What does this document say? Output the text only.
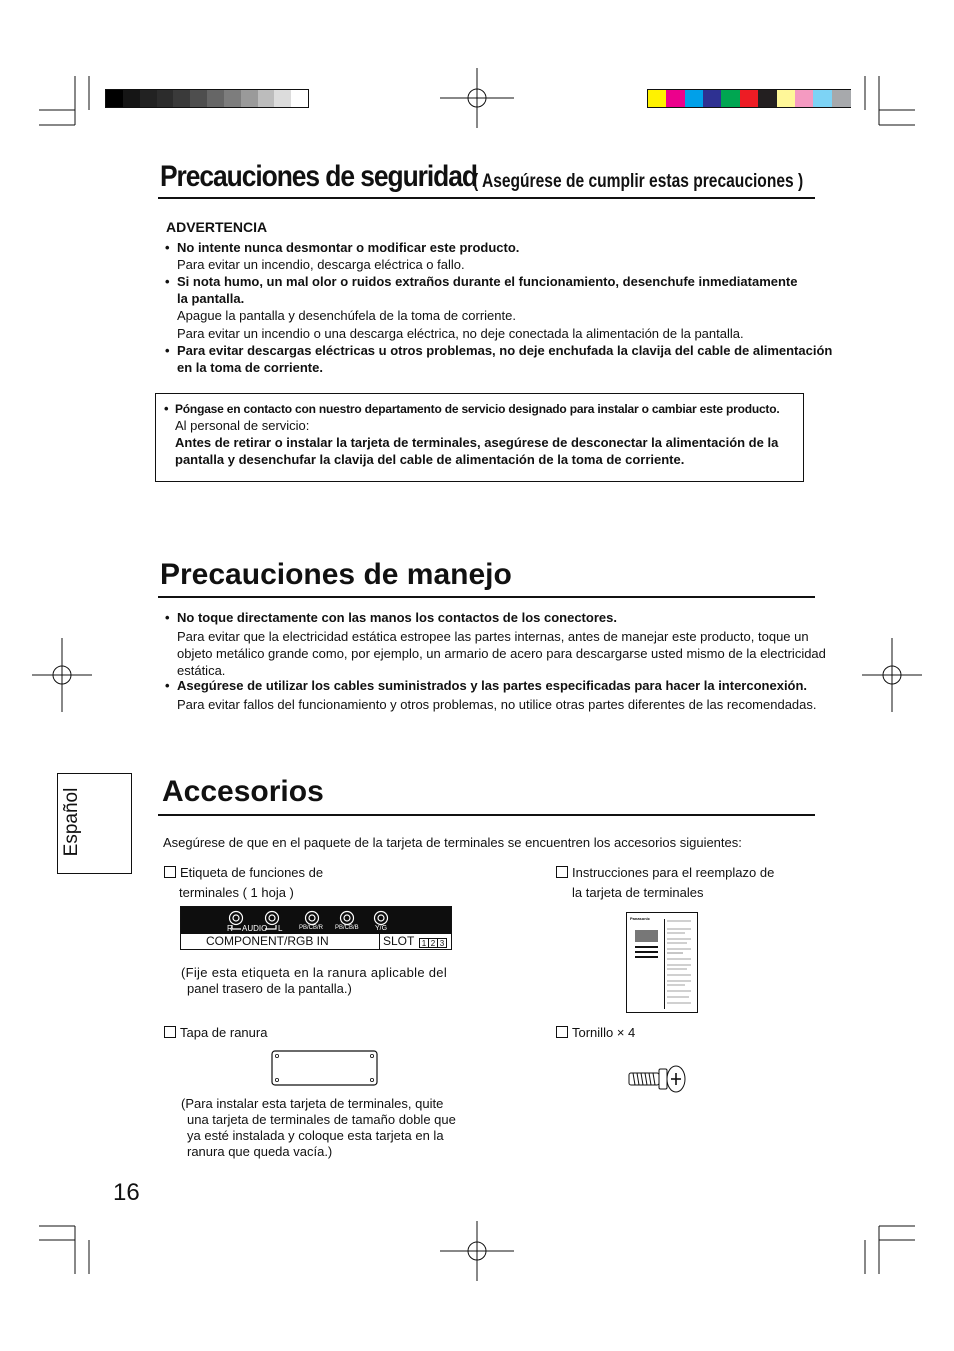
Precauciones de seguridad
( Asegúrese de cumplir estas precauciones )
ADVERTENCIA
• No intente nunca desmontar o modificar este producto.
Para evitar un incendio, descarga eléctrica o fallo.
• Si nota humo, un mal olor o ruidos extraños durante el funcionamiento, desenchufe inmediatamente
la pantalla.
Apague la pantalla y desenchúfela de la toma de corriente.
Para evitar un incendio o una descarga eléctrica, no deje conectada la alimentación de la pantalla.
• Para evitar descargas eléctricas u otros problemas, no deje enchufada la clavija del cable de alimentación
en la toma de corriente.
• Póngase en contacto con nuestro departamento de servicio designado para instalar o cambiar este producto.
Al personal de servicio:
Antes de retirar o instalar la tarjeta de terminales, asegúrese de desconectar la alimentación de la
pantalla y desenchufar la clavija del cable de alimentación de la toma de corriente.
Precauciones de manejo
• No toque directamente con las manos los contactos de los conectores.
Para evitar que la electricidad estática estropee las partes internas, antes de manejar este producto, toque un
objeto metálico grande como, por ejemplo, un armario de acero para descargarse usted mismo de la electricidad
estática.
• Asegúrese de utilizar los cables suministrados y las partes especificadas para hacer la interconexión.
Para evitar fallos del funcionamiento y otros problemas, no utilice otras partes diferentes de las recomendadas.
Español	Accesorios
Asegúrese de que en el paquete de la tarjeta de terminales se encuentren los accesorios siguientes:
Etiqueta de funciones de
terminales ( 1 hoja )
R AUDIO L	PB/CB/R PB/CB/B Y/G
COMPONENT/RGB IN	SLOT 1 2 3
(Fije esta etiqueta en la ranura aplicable del
panel trasero de la pantalla.)
Instrucciones para el reemplazo de
la tarjeta de terminales
Panasonic
Tapa de ranura
(Para instalar esta tarjeta de terminales, quite
una tarjeta de terminales de tamaño doble que
ya esté instalada y coloque esta tarjeta en la
ranura que queda vacía.)
Tornillo × 4
16
